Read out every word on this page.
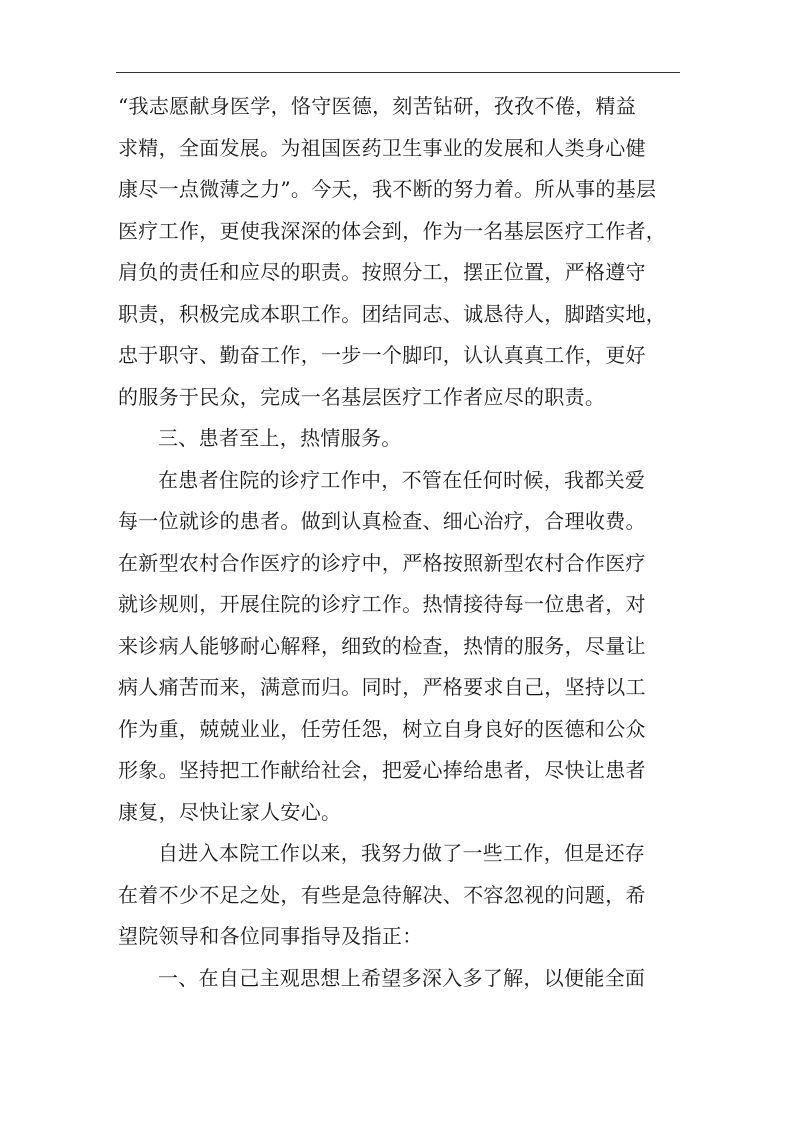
“我志愿献身医学，恪守医德，刻苦钻研，孜孜不倦，精益
求精，全面发展。为祖国医药卫生事业的发展和人类身心健
康尽一点微薄之力”。今天，我不断的努力着。所从事的基层
医疗工作，更使我深深的体会到，作为一名基层医疗工作者，
肩负的责任和应尽的职责。按照分工，摆正位置，严格遵守
职责，积极完成本职工作。团结同志、诚恳待人，脚踏实地，
忠于职守、勤奋工作，一步一个脚印，认认真真工作，更好
的服务于民众，完成一名基层医疗工作者应尽的职责。
三、患者至上，热情服务。
在患者住院的诊疗工作中，不管在任何时候，我都关爱
每一位就诊的患者。做到认真检查、细心治疗，合理收费。
在新型农村合作医疗的诊疗中，严格按照新型农村合作医疗
就诊规则，开展住院的诊疗工作。热情接待每一位患者，对
来诊病人能够耐心解释，细致的检查，热情的服务，尽量让
病人痛苦而来，满意而归。同时，严格要求自己，坚持以工
作为重，兢兢业业，任劳任怨，树立自身良好的医德和公众
形象。坚持把工作献给社会，把爱心捧给患者，尽快让患者
康复，尽快让家人安心。
自进入本院工作以来，我努力做了一些工作，但是还存
在着不少不足之处，有些是急待解决、不容忽视的问题，希
望院领导和各位同事指导及指正：
一、在自己主观思想上希望多深入多了解，以便能全面
